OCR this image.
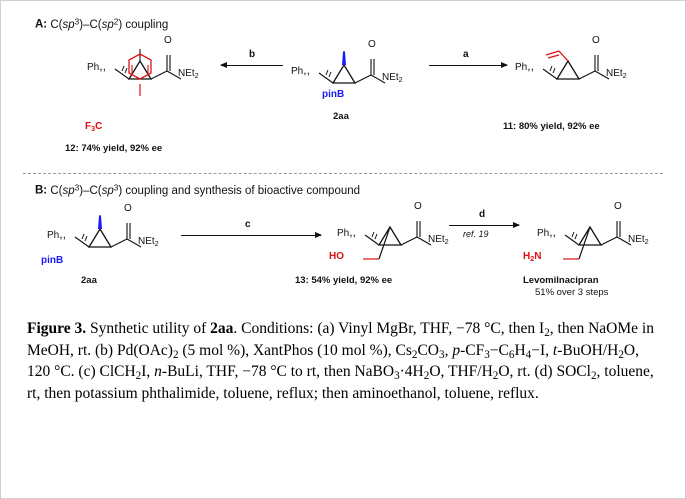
A: $C(sp^3)-C(sp^2)$ coupling
Ph,,
O
NEt$_2$
pinB
2aa
Ph,,
O
NEt$_2$
$F_3C$
12: 74% yield, 92% ee
Ph,,
O
NEt$_2$
11: 80% yield, 92% ee
a
b
B: $C(sp^3)-C(sp^3)$ coupling and synthesis of bioactive compound
Ph,,
O
NEt$_2$
pinB
2aa
Ph,,
O
NEt$_2$
HO
13: 54% yield, 92% ee
Ph,,
O
NEt$_2$
$H_2N$
Levomilnacipran
51% over 3 steps
c
d
ref. 19
Figure 3. Synthetic utility of 2aa. Conditions: (a) Vinyl MgBr, THF, −78 °C, then $I_2$, then NaOMe in MeOH, rt. (b) $Pd(OAc)_2$ (5 mol %), XantPhos (10 mol %), $Cs_2CO_3$, $p-CF_3-C_6H_4-I$, $t-BuOH/H_2O$, 120 °C. (c) ClCH$_2$I, n-BuLi, THF, −78 °C to rt, then $NaBO_3\cdot 4H_2O$, THF/$H_2O$, rt. (d) SOCl$_2$, toluene, rt, then potassium phthalimide, toluene, reflux; then aminoethanol, toluene, reflux.
